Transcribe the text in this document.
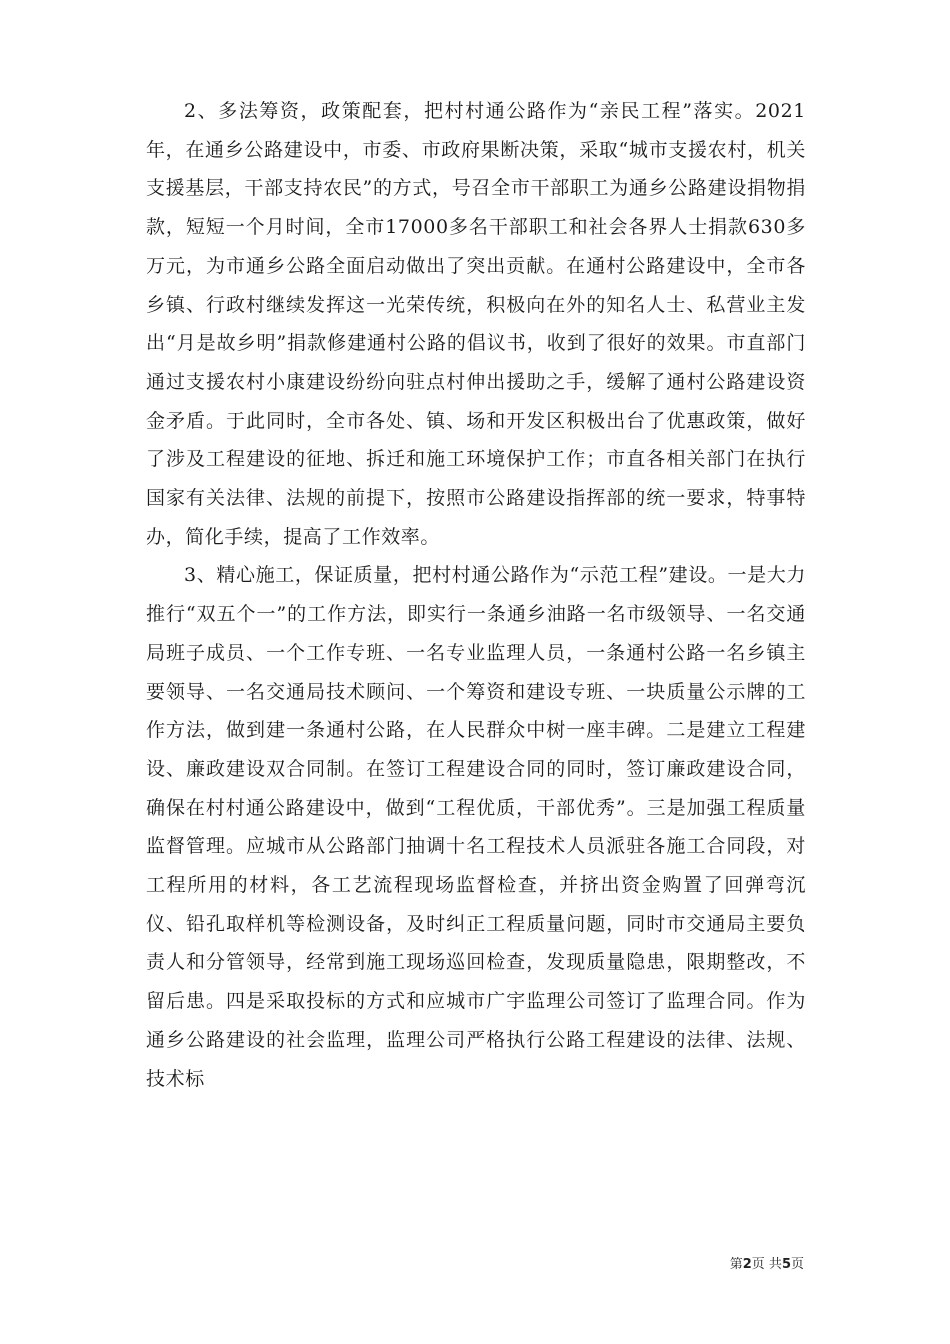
2、多法筹资，政策配套，把村村通公路作为“亲民工程”落实。2021年，在通乡公路建设中，市委、市政府果断决策，采取“城市支援农村，机关支援基层，干部支持农民”的方式，号召全市干部职工为通乡公路建设捐物捐款，短短一个月时间，全市17000多名干部职工和社会各界人士捐款630多万元，为市通乡公路全面启动做出了突出贡献。在通村公路建设中，全市各乡镇、行政村继续发挥这一光荣传统，积极向在外的知名人士、私营业主发出“月是故乡明”捐款修建通村公路的倡议书，收到了很好的效果。市直部门通过支援农村小康建设纷纷向驻点村伸出援助之手，缓解了通村公路建设资金矛盾。于此同时，全市各处、镇、场和开发区积极出台了优惠政策，做好了涉及工程建设的征地、拆迁和施工环境保护工作；市直各相关部门在执行国家有关法律、法规的前提下，按照市公路建设指挥部的统一要求，特事特办，简化手续，提高了工作效率。

3、精心施工，保证质量，把村村通公路作为“示范工程”建设。一是大力推行“双五个一”的工作方法，即实行一条通乡油路一名市级领导、一名交通局班子成员、一个工作专班、一名专业监理人员，一条通村公路一名乡镇主要领导、一名交通局技术顾问、一个筹资和建设专班、一块质量公示牌的工作方法，做到建一条通村公路，在人民群众中树一座丰碑。二是建立工程建设、廉政建设双合同制。在签订工程建设合同的同时，签订廉政建设合同，确保在村村通公路建设中，做到“工程优质，干部优秀”。三是加强工程质量监督管理。应城市从公路部门抽调十名工程技术人员派驻各施工合同段，对工程所用的材料，各工艺流程现场监督检查，并挤出资金购置了回弹弯沉仪、铅孔取样机等检测设备，及时纠正工程质量问题，同时市交通局主要负责人和分管领导，经常到施工现场巡回检查，发现质量隐患，限期整改，不留后患。四是采取投标的方式和应城市广宇监理公司签订了监理合同。作为通乡公路建设的社会监理，监理公司严格执行公路工程建设的法律、法规、技术标

第2页 共5页
